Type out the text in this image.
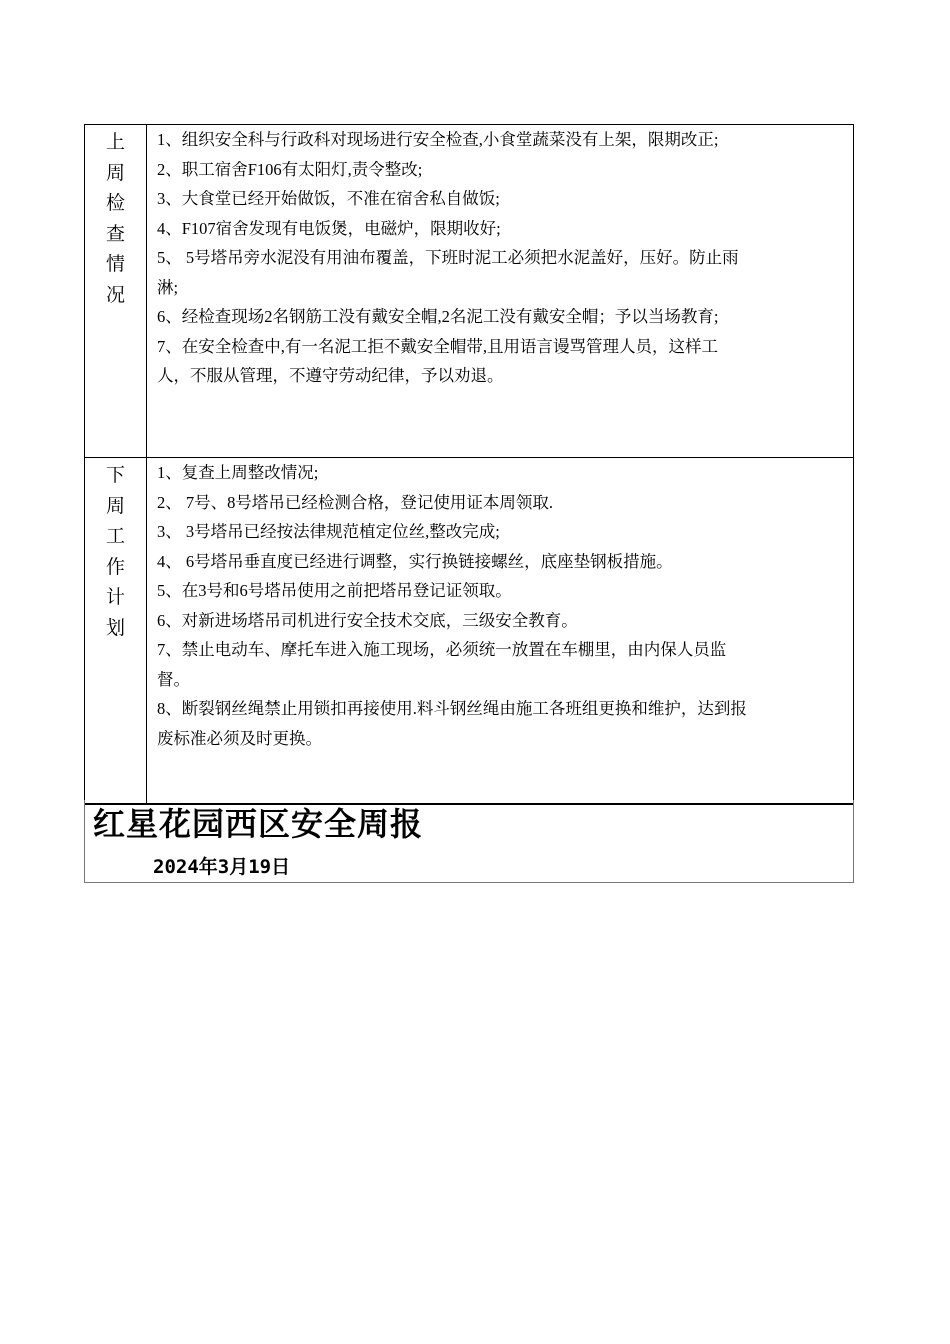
上
周
检
查
情
况

1、组织安全科与行政科对现场进行安全检查,小食堂蔬菜没有上架，限期改正;

2、职工宿舍F106有太阳灯,责令整改;

3、大食堂已经开始做饭，不准在宿舍私自做饭;

4、F107宿舍发现有电饭煲，电磁炉，限期收好;

5、 5号塔吊旁水泥没有用油布覆盖，下班时泥工必须把水泥盖好，压好。防止雨

淋;

6、经检查现场2名钢筋工没有戴安全帽,2名泥工没有戴安全帽；予以当场教育;

7、在安全检查中,有一名泥工拒不戴安全帽带,且用语言谩骂管理人员，这样工

人，不服从管理，不遵守劳动纪律，予以劝退。

下
周
工
作
计
划

1、复查上周整改情况;

2、 7号、8号塔吊已经检测合格，登记使用证本周领取.

3、 3号塔吊已经按法律规范植定位丝,整改完成;

4、 6号塔吊垂直度已经进行调整，实行换链接螺丝，底座垫钢板措施。

5、在3号和6号塔吊使用之前把塔吊登记证领取。

6、对新进场塔吊司机进行安全技术交底，三级安全教育。

7、禁止电动车、摩托车进入施工现场，必须统一放置在车棚里，由内保人员监

督。

8、断裂钢丝绳禁止用锁扣再接使用.料斗钢丝绳由施工各班组更换和维护，达到报

废标准必须及时更换。

红星花园西区安全周报
2024年3月19日
